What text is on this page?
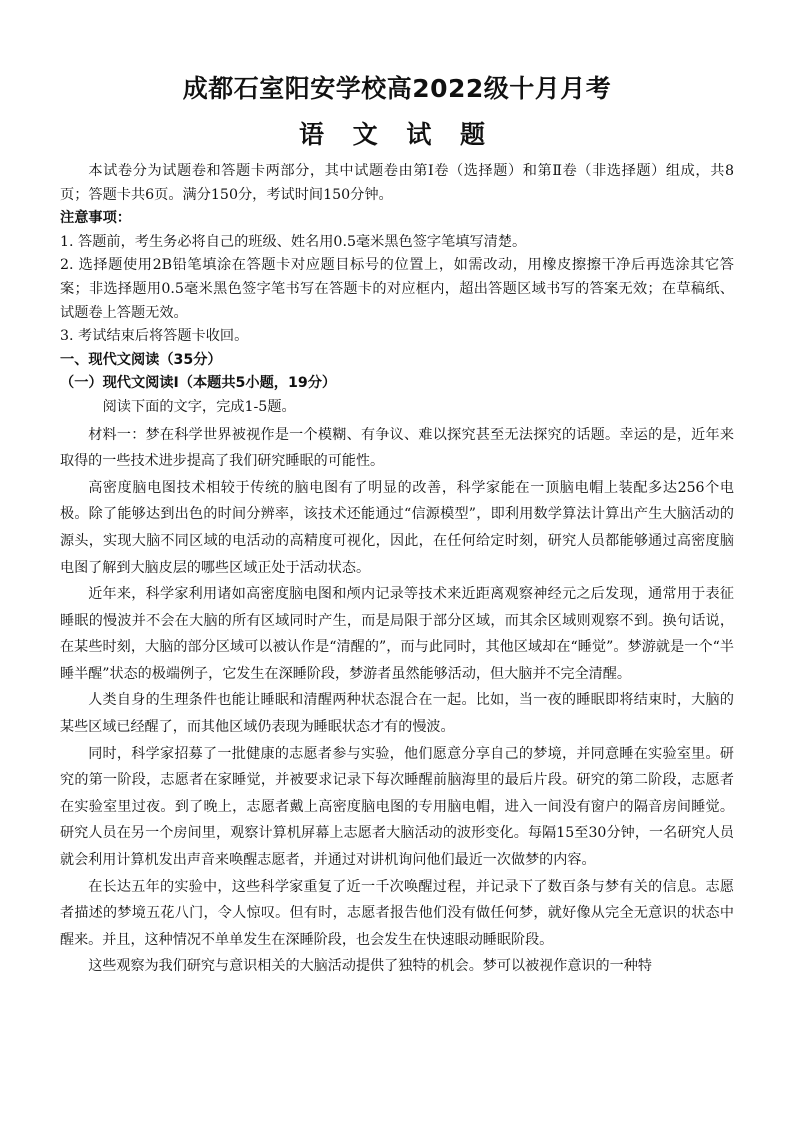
成都石室阳安学校高2022级十月月考
语 文 试 题

本试卷分为试题卷和答题卡两部分，其中试题卷由第Ⅰ卷（选择题）和第Ⅱ卷（非选择题）组成，共8页；答题卡共6页。满分150分，考试时间150分钟。

注意事项：

1. 答题前，考生务必将自己的班级、姓名用0.5毫米黑色签字笔填写清楚。

2. 选择题使用2B铅笔填涂在答题卡对应题目标号的位置上，如需改动，用橡皮擦擦干净后再选涂其它答案；非选择题用0.5毫米黑色签字笔书写在答题卡的对应框内，超出答题区域书写的答案无效；在草稿纸、试题卷上答题无效。

3. 考试结束后将答题卡收回。

一、现代文阅读（35分）

（一）现代文阅读Ⅰ（本题共5小题，19分）

阅读下面的文字，完成1-5题。

材料一：梦在科学世界被视作是一个模糊、有争议、难以探究甚至无法探究的话题。幸运的是，近年来取得的一些技术进步提高了我们研究睡眠的可能性。

高密度脑电图技术相较于传统的脑电图有了明显的改善，科学家能在一顶脑电帽上装配多达256个电极。除了能够达到出色的时间分辨率，该技术还能通过“信源模型”，即利用数学算法计算出产生大脑活动的源头，实现大脑不同区域的电活动的高精度可视化，因此，在任何给定时刻，研究人员都能够通过高密度脑电图了解到大脑皮层的哪些区域正处于活动状态。

近年来，科学家利用诸如高密度脑电图和颅内记录等技术来近距离观察神经元之后发现，通常用于表征睡眠的慢波并不会在大脑的所有区域同时产生，而是局限于部分区域，而其余区域则观察不到。换句话说，在某些时刻，大脑的部分区域可以被认作是“清醒的”，而与此同时，其他区域却在“睡觉”。梦游就是一个“半睡半醒”状态的极端例子，它发生在深睡阶段，梦游者虽然能够活动，但大脑并不完全清醒。

人类自身的生理条件也能让睡眠和清醒两种状态混合在一起。比如，当一夜的睡眠即将结束时，大脑的某些区域已经醒了，而其他区域仍表现为睡眠状态才有的慢波。

同时，科学家招募了一批健康的志愿者参与实验，他们愿意分享自己的梦境，并同意睡在实验室里。研究的第一阶段，志愿者在家睡觉，并被要求记录下每次睡醒前脑海里的最后片段。研究的第二阶段，志愿者在实验室里过夜。到了晚上，志愿者戴上高密度脑电图的专用脑电帽，进入一间没有窗户的隔音房间睡觉。研究人员在另一个房间里，观察计算机屏幕上志愿者大脑活动的波形变化。每隔15至30分钟，一名研究人员就会利用计算机发出声音来唤醒志愿者，并通过对讲机询问他们最近一次做梦的内容。

在长达五年的实验中，这些科学家重复了近一千次唤醒过程，并记录下了数百条与梦有关的信息。志愿者描述的梦境五花八门，令人惊叹。但有时，志愿者报告他们没有做任何梦，就好像从完全无意识的状态中醒来。并且，这种情况不单单发生在深睡阶段，也会发生在快速眼动睡眠阶段。

这些观察为我们研究与意识相关的大脑活动提供了独特的机会。梦可以被视作意识的一种特
